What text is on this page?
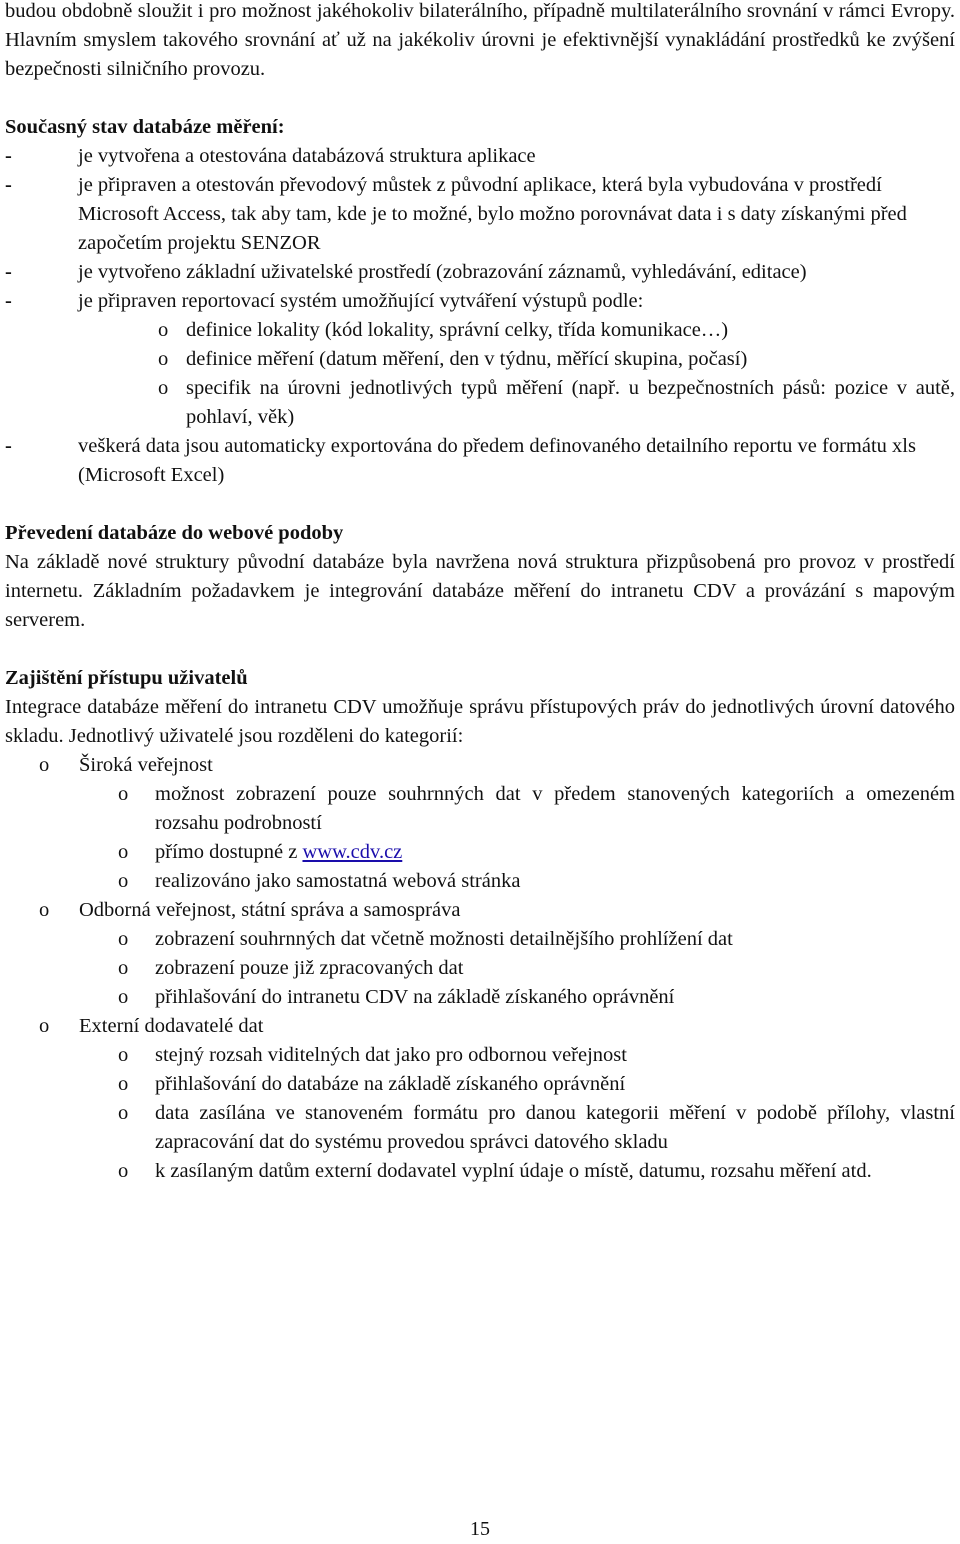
budou obdobně sloužit i pro možnost jakéhokoliv bilaterálního, případně multilaterálního srovnání v rámci Evropy. Hlavním smyslem takového srovnání ať už na jakékoliv úrovni je efektivnější vynakládání prostředků ke zvýšení bezpečnosti silničního provozu.

Současný stav databáze měření:

-	je vytvořena a otestována databázová struktura aplikace
-	je připraven a otestován převodový můstek z původní aplikace, která byla vybudována v prostředí Microsoft Access, tak aby tam, kde je to možné, bylo možno porovnávat data i s daty získanými před započetím projektu SENZOR
-	je vytvořeno základní uživatelské prostředí (zobrazování záznamů, vyhledávání, editace)
-	je připraven reportovací systém umožňující vytváření výstupů podle:
o definice lokality (kód lokality, správní celky, třída komunikace…)
o definice měření (datum měření, den v týdnu, měřící skupina, počasí)
o specifik na úrovni jednotlivých typů měření (např. u bezpečnostních pásů: pozice v autě, pohlaví, věk)
-	veškerá data jsou automaticky exportována do předem definovaného detailního reportu ve formátu xls (Microsoft Excel)

Převedení databáze do webové podoby

Na základě nové struktury původní databáze byla navržena nová struktura přizpůsobená pro provoz v prostředí internetu. Základním požadavkem je integrování databáze měření do intranetu CDV a provázání s mapovým serverem.

Zajištění přístupu uživatelů

Integrace databáze měření do intranetu CDV umožňuje správu přístupových práv do jednotlivých úrovní datového skladu. Jednotlivý uživatelé jsou rozděleni do kategorií:

o	Široká veřejnost
o	možnost zobrazení pouze souhrnných dat v předem stanovených kategoriích a omezeném rozsahu podrobností
o	přímo dostupné z www.cdv.cz
o	realizováno jako samostatná webová stránka
o	Odborná veřejnost, státní správa a samospráva
o	zobrazení souhrnných dat včetně možnosti detailnějšího prohlížení dat
o	zobrazení pouze již zpracovaných dat
o	přihlašování do intranetu CDV na základě získaného oprávnění
o	Externí dodavatelé dat
o	stejný rozsah viditelných dat jako pro odbornou veřejnost
o	přihlašování do databáze na základě získaného oprávnění
o	data zasílána ve stanoveném formátu pro danou kategorii měření v podobě přílohy, vlastní zapracování dat do systému provedou správci datového skladu
o	k zasílaným datům externí dodavatel vyplní údaje o místě, datumu, rozsahu měření atd.
15
